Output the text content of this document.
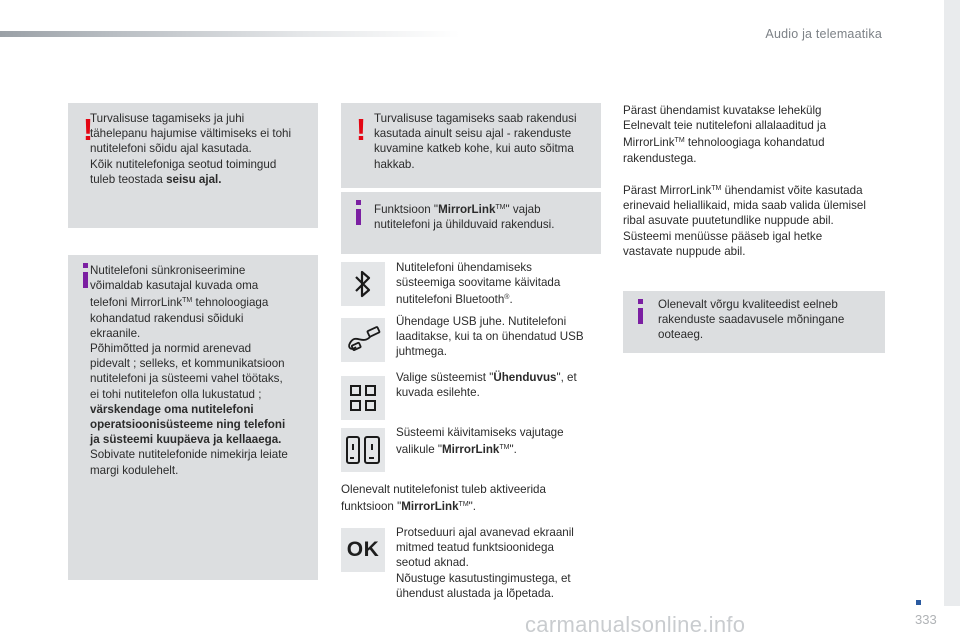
Audio ja telemaatika
!
Turvalisuse tagamiseks ja juhi
tähelepanu hajumise vältimiseks ei tohi
nutitelefoni sõidu ajal kasutada.
Kõik nutitelefoniga seotud toimingud
tuleb teostada seisu ajal.
Nutitelefoni sünkroniseerimine
võimaldab kasutajal kuvada oma
telefoni MirrorLink™ tehnoloogiaga
kohandatud rakendusi sõiduki
ekraanile.
Põhimõtted ja normid arenevad
pidevalt ; selleks, et kommunikatsioon
nutitelefoni ja süsteemi vahel töötaks,
ei tohi nutitelefon olla lukustatud ;
värskendage oma nutitelefoni
operatsioonisüsteeme ning telefoni
ja süsteemi kuupäeva ja kellaaega.
Sobivate nutitelefonide nimekirja leiate
margi kodulehelt.
! Turvalisuse tagamiseks saab rakendusi
kasutada ainult seisu ajal - rakenduste
kuvamine katkeb kohe, kui auto sõitma
hakkab.
Funktsioon "MirrorLink™" vajab
nutitelefoni ja ühilduvaid rakendusi.
Nutitelefoni ühendamiseks
süsteemiga soovitame käivitada
nutitelefoni Bluetooth®.
Ühendage USB juhe. Nutitelefoni
laaditakse, kui ta on ühendatud USB
juhtmega.
Valige süsteemist "Ühenduvus", et
kuvada esilehte.
Süsteemi käivitamiseks vajutage
valikule "MirrorLink™".
Olenevalt nutitelefonist tuleb aktiveerida
funktsioon "MirrorLink™".
OK
Protseduuri ajal avanevad ekraanil
mitmed teatud funktsioonidega
seotud aknad.
Nõustuge kasutustingimustega, et
ühendust alustada ja lõpetada.
Pärast ühendamist kuvatakse lehekülg
Eelnevalt teie nutitelefoni allalaaditud ja
MirrorLink™ tehnoloogiaga kohandatud
rakendustega.
Pärast MirrorLink™ ühendamist võite kasutada
erinevaid heliallikaid, mida saab valida ülemisel
ribal asuvate puutetundlike nuppude abil.
Süsteemi menüüsse pääseb igal hetke
vastavate nuppude abil.
Olenevalt võrgu kvaliteedist eelneb
rakenduste saadavusele mõningane
ooteaeg.
carmanualsonline.info	333
